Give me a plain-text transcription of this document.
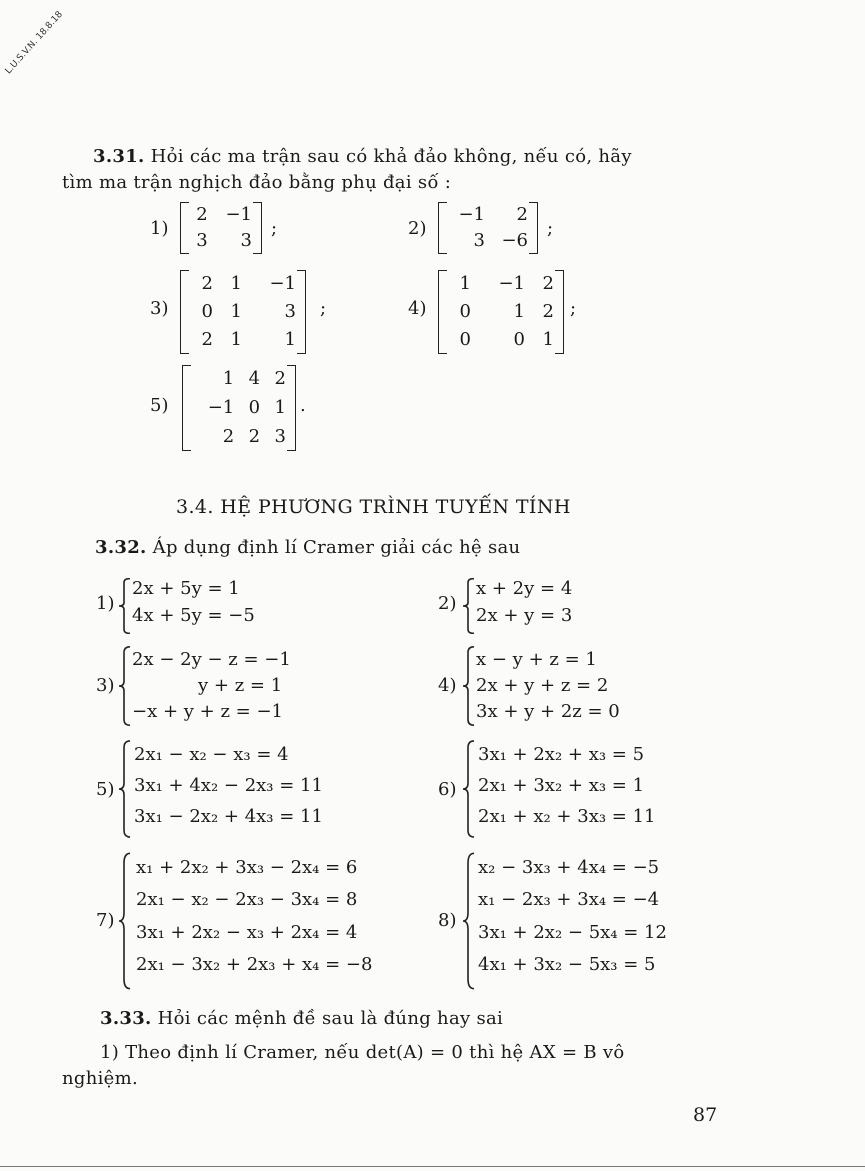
L.U.S.V.N. 18.8.18
3.31. Hỏi các ma trận sau có khả đảo không, nếu có, hãy
tìm ma trận nghịch đảo bằng phụ đại số :
1)
2	−1
3	3
;	2)
−1	2
3	−6
;
3)
2	1	−1
0	1	3
2	1	1
;	4)
1	−1	2
0	1	2
0	0	1
;
5)
1	4	2
−1	0	1
2	2	3
.
3.4. HỆ PHƯƠNG TRÌNH TUYẾN TÍNH
3.32. Áp dụng định lí Cramer giải các hệ sau
1)
2x + 5y = 1
4x + 5y = −5
2)
x + 2y = 4
2x + y = 3
3)
2x − 2y − z = −1
y + z = 1
−x + y + z = −1
4)
x − y + z = 1
2x + y + z = 2
3x + y + 2z = 0
5)
2x₁ − x₂ − x₃ = 4
3x₁ + 4x₂ − 2x₃ = 11
3x₁ − 2x₂ + 4x₃ = 11
6)
3x₁ + 2x₂ + x₃ = 5
2x₁ + 3x₂ + x₃ = 1
2x₁ + x₂ + 3x₃ = 11
7)
x₁ + 2x₂ + 3x₃ − 2x₄ = 6
2x₁ − x₂ − 2x₃ − 3x₄ = 8
3x₁ + 2x₂ − x₃ + 2x₄ = 4
2x₁ − 3x₂ + 2x₃ + x₄ = −8
8)
x₂ − 3x₃ + 4x₄ = −5
x₁ − 2x₃ + 3x₄ = −4
3x₁ + 2x₂ − 5x₄ = 12
4x₁ + 3x₂ − 5x₃ = 5
3.33. Hỏi các mệnh đề sau là đúng hay sai
1) Theo định lí Cramer, nếu det(A) = 0 thì hệ AX = B vô
nghiệm.
87
